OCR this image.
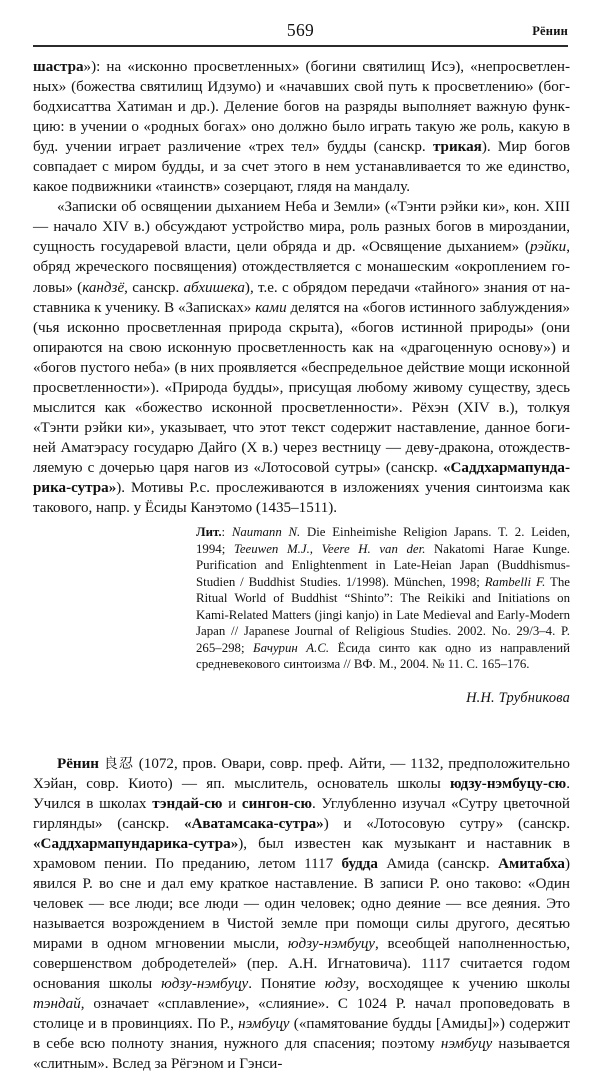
569	Рёнин

шастра»): на «исконно просветленных» (богини святилищ Исэ), «непросветленных» (божества святилищ Идзумо) и «начавших свой путь к просветлению» (бог-бодхисаттва Хатиман и др.). Деление богов на разряды выполняет важную функцию: в учении о «родных богах» оно должно было играть такую же роль, какую в буд. учении играет различение «трех тел» будды (санскр. трикая). Мир богов совпадает с миром будды, и за счет этого в нем устанавливается то же единство, какое подвижники «таинств» созерцают, глядя на мандалу.

«Записки об освящении дыханием Неба и Земли» («Тэнти рэйки ки», кон. XIII — начало XIV в.) обсуждают устройство мира, роль разных богов в мироздании, сущность государевой власти, цели обряда и др. «Освящение дыханием» (рэйки, обряд жреческого посвящения) отождествляется с монашеским «окроплением головы» (кандзё, санскр. абхишека), т.е. с обрядом передачи «тайного» знания от наставника к ученику. В «Записках» ками делятся на «богов истинного заблуждения» (чья исконно просветленная природа скрыта), «богов истинной природы» (они опираются на свою исконную просветленность как на «драгоценную основу») и «богов пустого неба» (в них проявляется «беспредельное действие мощи исконной просветленности»). «Природа будды», присущая любому живому существу, здесь мыслится как «божество исконной просветленности». Рёхэн (XIV в.), толкуя «Тэнти рэйки ки», указывает, что этот текст содержит наставление, данное богиней Аматэрасу государю Дайго (X в.) через вестницу — деву-дракона, отождествляемую с дочерью царя нагов из «Лотосовой сутры» (санскр. «Саддхармапундарика-сутра»). Мотивы Р.с. прослеживаются в изложениях учения синтоизма как такового, напр. у Ёсиды Канэтомо (1435–1511).

Лит.: Naumann N. Die Einheimishe Religion Japans. T. 2. Leiden, 1994; Teeuwen M.J., Veere H. van der. Nakatomi Harae Kunge. Purification and Enlightenment in Late-Heian Japan (Buddhismus-Studien / Buddhist Studies. 1/1998). München, 1998; Rambelli F. The Ritual World of Buddhist “Shinto”: The Reikiki and Initiations on Kami-Related Matters (jingi kanjo) in Late Medieval and Early-Modern Japan // Japanese Journal of Religious Studies. 2002. No. 29/3–4. P. 265–298; Бачурин А.С. Ёсида синто как одно из направлений средневекового синтоизма // ВФ. М., 2004. № 11. С. 165–176.

Н.Н. Трубникова

Рёнин 良忍 (1072, пров. Овари, совр. преф. Айти, — 1132, предположительно Хэйан, совр. Киото) — яп. мыслитель, основатель школы юдзу-нэмбуцу-сю. Учился в школах тэндай-сю и сингон-сю. Углубленно изучал «Сутру цветочной гирлянды» (санскр. «Аватамсака-сутра») и «Лотосовую сутру» (санскр. «Саддхармапундарика-сутра»), был известен как музыкант и наставник в храмовом пении. По преданию, летом 1117 будда Амида (санскр. Амитабха) явился Р. во сне и дал ему краткое наставление. В записи Р. оно таково: «Один человек — все люди; все люди — один человек; одно деяние — все деяния. Это называется возрождением в Чистой земле при помощи силы другого, десятью мирами в одном мгновении мысли, юдзу-нэмбуцу, всеобщей наполненностью, совершенством добродетелей» (пер. А.Н. Игнатовича). 1117 считается годом основания школы юдзу-нэмбуцу. Понятие юдзу, восходящее к учению школы тэндай, означает «сплавление», «слияние». С 1024 Р. начал проповедовать в столице и в провинциях. По Р., нэмбуцу («памятование будды [Амиды]») содержит в себе всю полноту знания, нужного для спасения; поэтому нэмбуцу называется «слитным». Вслед за Рёгэном и Гэнси-
